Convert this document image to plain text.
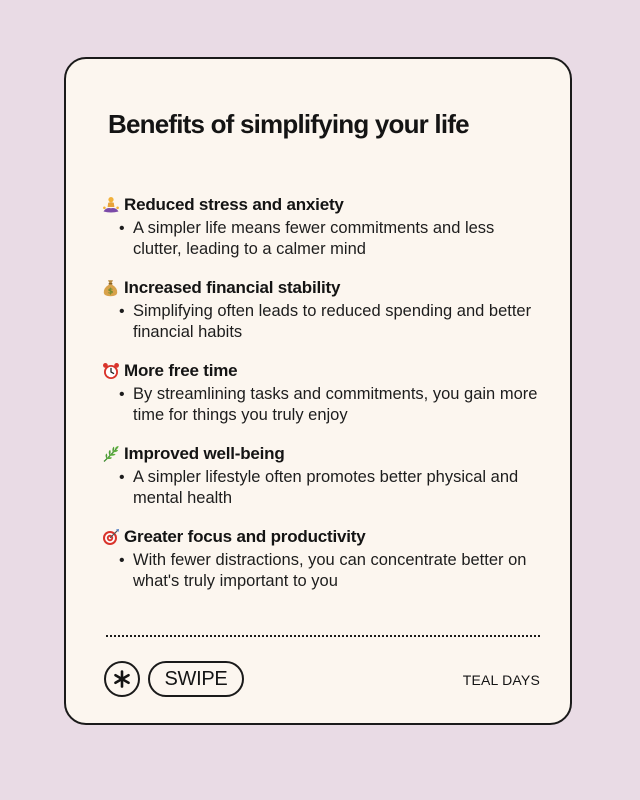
Benefits of simplifying your life
Reduced stress and anxiety
• A simpler life means fewer commitments and less clutter, leading to a calmer mind
$ Increased financial stability
• Simplifying often leads to reduced spending and better financial habits
More free time
• By streamlining tasks and commitments, you gain more time for things you truly enjoy
Improved well-being
• A simpler lifestyle often promotes better physical and mental health
Greater focus and productivity
• With fewer distractions, you can concentrate better on what's truly important to you
SWIPE	TEAL DAYS
